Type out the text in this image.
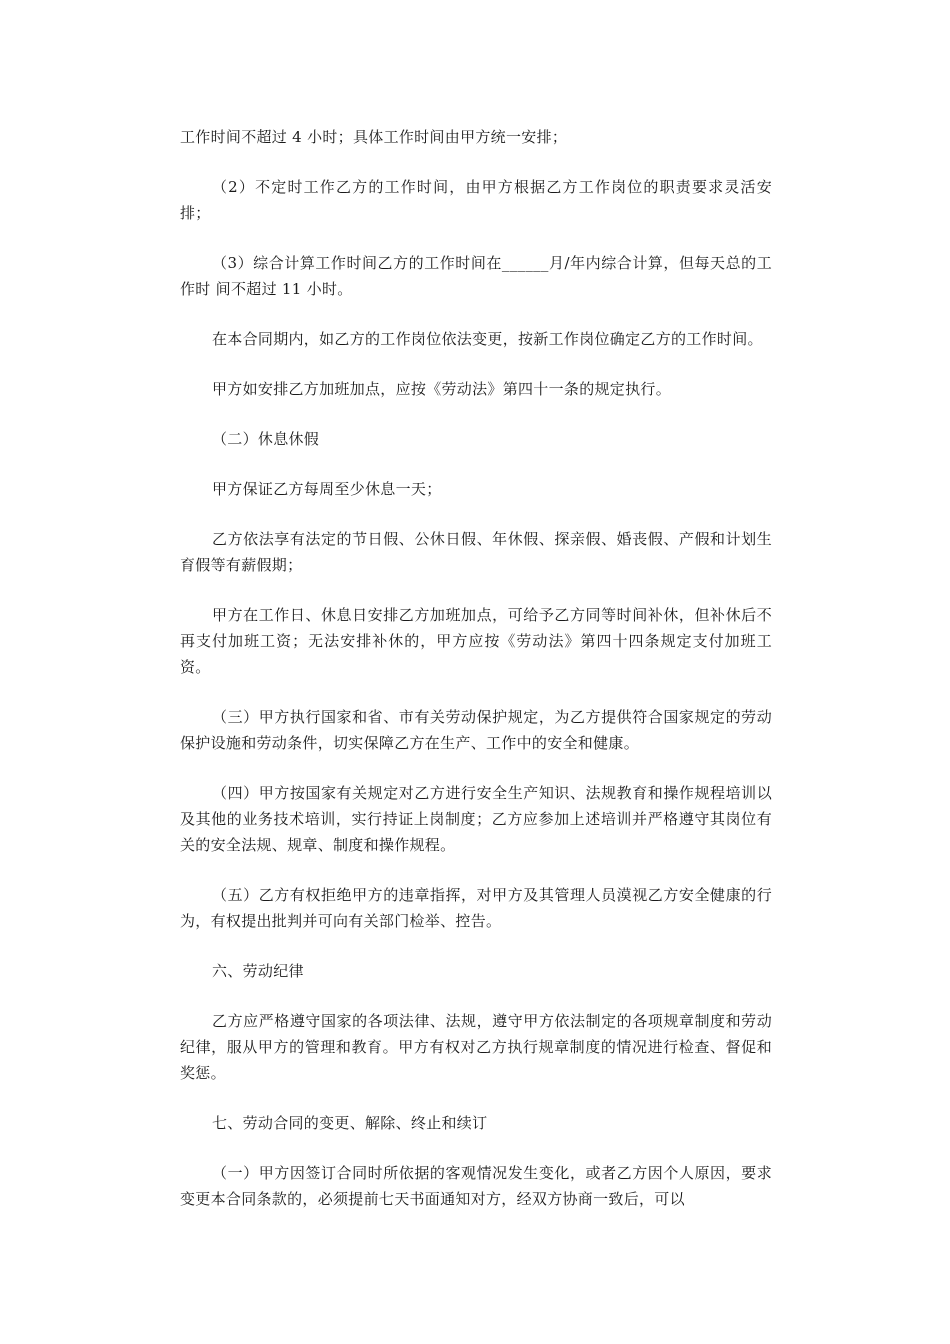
工作时间不超过 4 小时；具体工作时间由甲方统一安排；

（2）不定时工作乙方的工作时间，由甲方根据乙方工作岗位的职责要求灵活安排；

（3）综合计算工作时间乙方的工作时间在______月/年内综合计算，但每天总的工作时 间不超过 11 小时。

在本合同期内，如乙方的工作岗位依法变更，按新工作岗位确定乙方的工作时间。

甲方如安排乙方加班加点，应按《劳动法》第四十一条的规定执行。

（二）休息休假

甲方保证乙方每周至少休息一天；

乙方依法享有法定的节日假、公休日假、年休假、探亲假、婚丧假、产假和计划生育假等有薪假期；

甲方在工作日、休息日安排乙方加班加点，可给予乙方同等时间补休，但补休后不再支付加班工资；无法安排补休的，甲方应按《劳动法》第四十四条规定支付加班工资。

（三）甲方执行国家和省、市有关劳动保护规定，为乙方提供符合国家规定的劳动保护设施和劳动条件，切实保障乙方在生产、工作中的安全和健康。

（四）甲方按国家有关规定对乙方进行安全生产知识、法规教育和操作规程培训以及其他的业务技术培训，实行持证上岗制度；乙方应参加上述培训并严格遵守其岗位有关的安全法规、规章、制度和操作规程。

（五）乙方有权拒绝甲方的违章指挥，对甲方及其管理人员漠视乙方安全健康的行为，有权提出批判并可向有关部门检举、控告。

六、劳动纪律

乙方应严格遵守国家的各项法律、法规，遵守甲方依法制定的各项规章制度和劳动纪律，服从甲方的管理和教育。甲方有权对乙方执行规章制度的情况进行检查、督促和奖惩。

七、劳动合同的变更、解除、终止和续订

（一）甲方因签订合同时所依据的客观情况发生变化，或者乙方因个人原因，要求变更本合同条款的，必须提前七天书面通知对方，经双方协商一致后，可以
